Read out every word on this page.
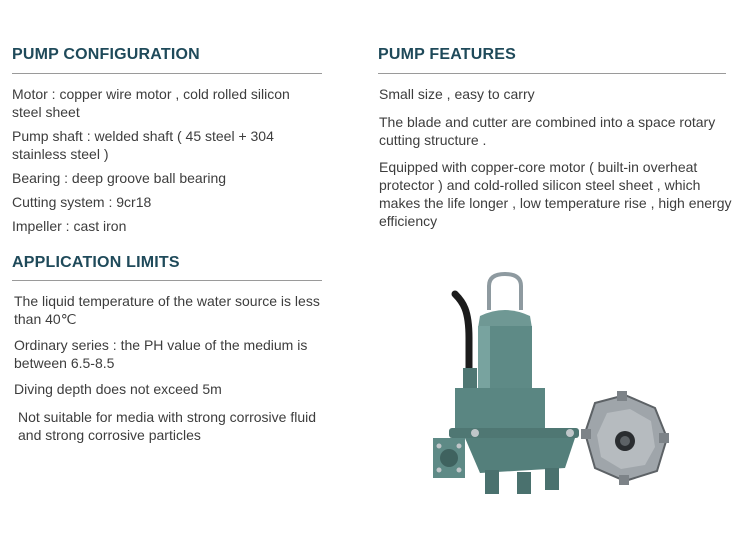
PUMP CONFIGURATION
Motor : copper wire motor , cold rolled silicon steel sheet
Pump shaft : welded shaft ( 45 steel + 304 stainless steel )
Bearing : deep groove ball bearing
Cutting system : 9cr18
Impeller : cast iron
APPLICATION LIMITS
The liquid temperature of the water source is less than 40℃
Ordinary series : the PH value of the medium is between 6.5-8.5
Diving depth does not exceed 5m
Not suitable for media with strong corrosive fluid and strong corrosive particles
PUMP FEATURES
Small size , easy to carry
The blade and cutter are combined into a space rotary cutting structure .
Equipped with copper-core motor ( built-in overheat protector ) and cold-rolled silicon steel sheet , which makes the life longer , low temperature rise , high energy efficiency
